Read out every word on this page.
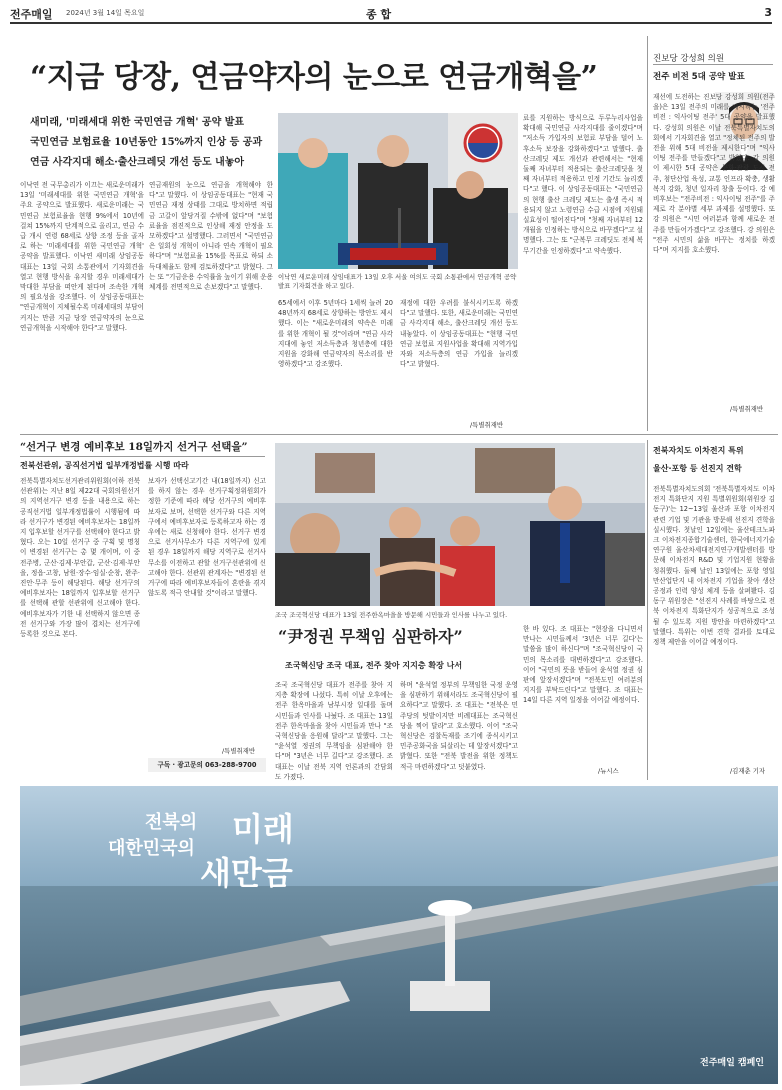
전주매일 2024년 3월 14일 목요일	종 합	3
“지금 당장, 연금약자의 눈으로 연금개혁을”
새미래, '미래세대 위한 국민연금 개혁' 공약 발표
국민연금 보험료율 10년동안 15%까지 인상 등 공과
연금 사각지대 해소·출산크레딧 개선 등도 내놓아
이낙연 전 국무총리가 이끄는 새로운미래가 13일 '미래세대를 위한 국민연금 개혁'을 주요 공약으로 발표했다. 새로운미래는 국민연금 보험료율을 현행 9%에서 10년에 걸쳐 15%까지 단계적으로 올리고, 연금 수급 개시 연령 68세로 상향 조정 등을 골자로 하는 '미래세대를 위한 국민연금 개혁' 공약을 발표했다. 이낙연 새미래 상임공동대표는 13일 국회 소통관에서 기자회견을 열고 현행 방식을 유지할 경우 미래세대가 막대한 부담을 떠안게 된다며 조속한 개혁의 필요성을 강조했다. 이 상임공동대표는 "연금개혁이 지체될수록 미래세대의 부담이 커지는 만큼 지금 당장 연금약자의 눈으로 연금개혁을 시작해야 한다"고 말했다.
연금재원의 눈으로 연금을 개혁해야 한다"고 말했다. 이 상임공동대표는 "현재 국민연금 재정 상태를 그대로 방치하면 적립금 고갈이 앞당겨질 수밖에 없다"며 "보험료율을 점진적으로 인상해 재정 안정을 도모하겠다"고 설명했다. 그러면서 "국민연금은 일회성 개혁이 아니라 연속 개혁이 필요하다"며 "보험료율 15%를 목표로 하되 소득대체율도 함께 검토하겠다"고 밝혔다. 그는 또 "기금운용 수익률을 높이기 위해 운용 체계를 전면적으로 손보겠다"고 말했다.
이낙연 새로운미래 상임대표가 13일 오후 서울 여의도 국회 소통관에서 연금개혁 공약 발표 기자회견을 하고 있다.
65세에서 이후 5년마다 1세씩 늘려 2048년까지 68세로 상향하는 방안도 제시했다. 이는 "새로운미래의 약속은 미래를 위한 개혁이 될 것"이라며 "연금 사각지대에 놓인 저소득층과 청년층에 대한 지원을 강화해 연금약자의 목소리를 반영하겠다"고 강조했다.
재정에 대한 우려를 불식시키도록 하겠다"고 말했다. 또한, 새로운미래는 국민연금 사각지대 해소, 출산크레딧 개선 등도 내놓았다. 이 상임공동대표는 "현행 국민연금 보험료 지원사업을 확대해 지역가입자와 저소득층의 연금 가입을 늘리겠다"고 밝혔다.
/특별취재반
료를 지원하는 방식으로 두루누리사업을 확대해 국민연금 사각지대를 줄이겠다"며 "저소득 가입자의 보험료 부담을 덜어 노후소득 보장을 강화하겠다"고 말했다. 출산크레딧 제도 개선과 관련해서는 "현재 둘째 자녀부터 적용되는 출산크레딧을 첫째 자녀부터 적용하고 인정 기간도 늘리겠다"고 했다. 이 상임공동대표는 "국민연금의 현행 출산 크레딧 제도는 출생 즉시 적용되지 않고 노령연금 수급 시점에 지원돼 실효성이 떨어진다"며 "첫째 자녀부터 12개월을 인정하는 방식으로 바꾸겠다"고 설명했다. 그는 또 "군복무 크레딧도 전체 복무기간을 인정하겠다"고 약속했다.
진보당 강성희 의원
전주 비전 5대 공약 발표
재선에 도전하는 진보당 강성희 의원(전주을)은 13일 전주의 미래를 제시하는 '전주비전 : 익사이팅 전주' 5대 공약을 발표했다. 강성희 의원은 이날 전북특별자치도의회에서 기자회견을 열고 "정체된 전주의 발전을 위해 5대 비전을 제시한다"며 "익사이팅 전주를 만들겠다"고 밝혔다. 강 의원이 제시한 5대 공약은 문화·관광 도시 전주, 첨단산업 육성, 교통 인프라 확충, 생활 복지 강화, 청년 일자리 창출 등이다. 강 예비후보는 "전주비전 : 익사이팅 전주"를 주제로 각 분야별 세부 과제를 설명했다. 또 강 의원은 "시민 여러분과 함께 새로운 전주를 만들어가겠다"고 강조했다. 강 의원은 "전주 시민의 삶을 바꾸는 정치를 하겠다"며 지지를 호소했다.
/특별취재반
“선거구 변경 예비후보 18일까지 선거구 선택을”
전북선관위, 공직선거법 일부개정법률 시행 따라
전북특별자치도선거관리위원회(이하 전북선관위)는 지난 8일 제22대 국회의원선거의 지역선거구 변경 등을 내용으로 하는 공직선거법 일부개정법률이 시행됨에 따라 선거구가 변경된 예비후보자는 18일까지 입후보할 선거구를 선택해야 한다고 밝혔다. 오는 10일 선거구 중 구획 및 명칭이 변경된 선거구는 총 몇 개이며, 이 중 전주병, 군산·김제·부안갑, 군산·김제·부안을, 정읍·고창, 남원·장수·임실·순창, 완주·진안·무주 등이 해당된다. 해당 선거구의 예비후보자는 18일까지 입후보할 선거구를 선택해 관할 선관위에 신고해야 한다. 예비후보자가 기한 내 선택하지 않으면 종전 선거구와 가장 많이 겹치는 선거구에 등록한 것으로 본다.
보자가 선택신고기간 내(18일까지) 신고를 하지 않는 경우 선거구획정위원회가 정한 기준에 따라 해당 선거구의 예비후보자로 보며, 선택한 선거구와 다른 지역구에서 예비후보자로 등록하고자 하는 경우에는 새로 신청해야 한다. 선거구 변경으로 선거사무소가 다른 지역구에 있게 된 경우 18일까지 해당 지역구로 선거사무소를 이전하고 관할 선거구선관위에 신고해야 한다. 선관위 관계자는 "변경된 선거구에 따라 예비후보자들이 혼란을 겪지 않도록 적극 안내할 것"이라고 말했다.
/특별취재반
구독 · 광고문의 063-288-9700
조국 조국혁신당 대표가 13일 전주한옥마을을 방문해 시민들과 인사를 나누고 있다.
“尹정권 무책임 심판하자”
조국혁신당 조국 대표, 전주 찾아 지지층 확장 나서
조국 조국혁신당 대표가 전주를 찾아 지지층 확장에 나섰다. 특히 이날 오후에는 전주 한옥마을과 남부시장 일대를 돌며 시민들과 인사를 나눴다. 조 대표는 13일 전주 한옥마을을 찾아 시민들과 만나 "조국혁신당을 응원해 달라"고 말했다. 그는 "윤석열 정권의 무책임을 심판해야 한다"며 "3년은 너무 길다"고 강조했다. 조 대표는 이날 전북 지역 언론과의 간담회도 가졌다.
하며 "윤석열 정부의 무책임한 국정 운영을 심판하기 위해서라도 조국혁신당이 필요하다"고 말했다. 조 대표는 "전북은 민주당의 텃밭이지만 비례대표는 조국혁신당을 찍어 달라"고 호소했다. 이어 "조국혁신당은 검찰독재를 조기에 종식시키고 민주공화국을 되살리는 데 앞장서겠다"고 밝혔다. 또한 "전북 발전을 위한 정책도 적극 마련하겠다"고 덧붙였다.
한 바 있다. 조 대표는 "현장을 다니면서 만나는 시민들께서 '3년은 너무 길다'는 말씀을 많이 하신다"며 "조국혁신당이 국민의 목소리를 대변하겠다"고 강조했다. 이어 "국민의 뜻을 받들어 윤석열 정권 심판에 앞장서겠다"며 "전북도민 여러분의 지지를 부탁드린다"고 말했다. 조 대표는 14일 다른 지역 일정을 이어갈 예정이다.
/뉴시스
전북자치도 이차전지 특위
울산·포항 등 선진지 견학
전북특별자치도의회 '전북특별자치도 이차전지 특화단지 지원 특별위원회(위원장 김동구)'는 12~13일 울산과 포항 이차전지 관련 기업 및 기관을 방문해 선진지 견학을 실시했다. 첫날인 12일에는 울산테크노파크 이차전지종합기술센터, 한국에너지기술연구원 울산차세대전지연구개발센터를 방문해 이차전지 R&D 및 기업지원 현황을 청취했다. 둘째 날인 13일에는 포항 영일만산업단지 내 이차전지 기업을 찾아 생산 공정과 인력 양성 체계 등을 살펴봤다. 김동구 위원장은 "선진지 사례를 바탕으로 전북 이차전지 특화단지가 성공적으로 조성될 수 있도록 지원 방안을 마련하겠다"고 말했다. 특위는 이번 견학 결과를 토대로 정책 제안을 이어갈 예정이다.
/김재춘 기자
전북의
대한민국의
미래
새만금
전주매일 캠페인
